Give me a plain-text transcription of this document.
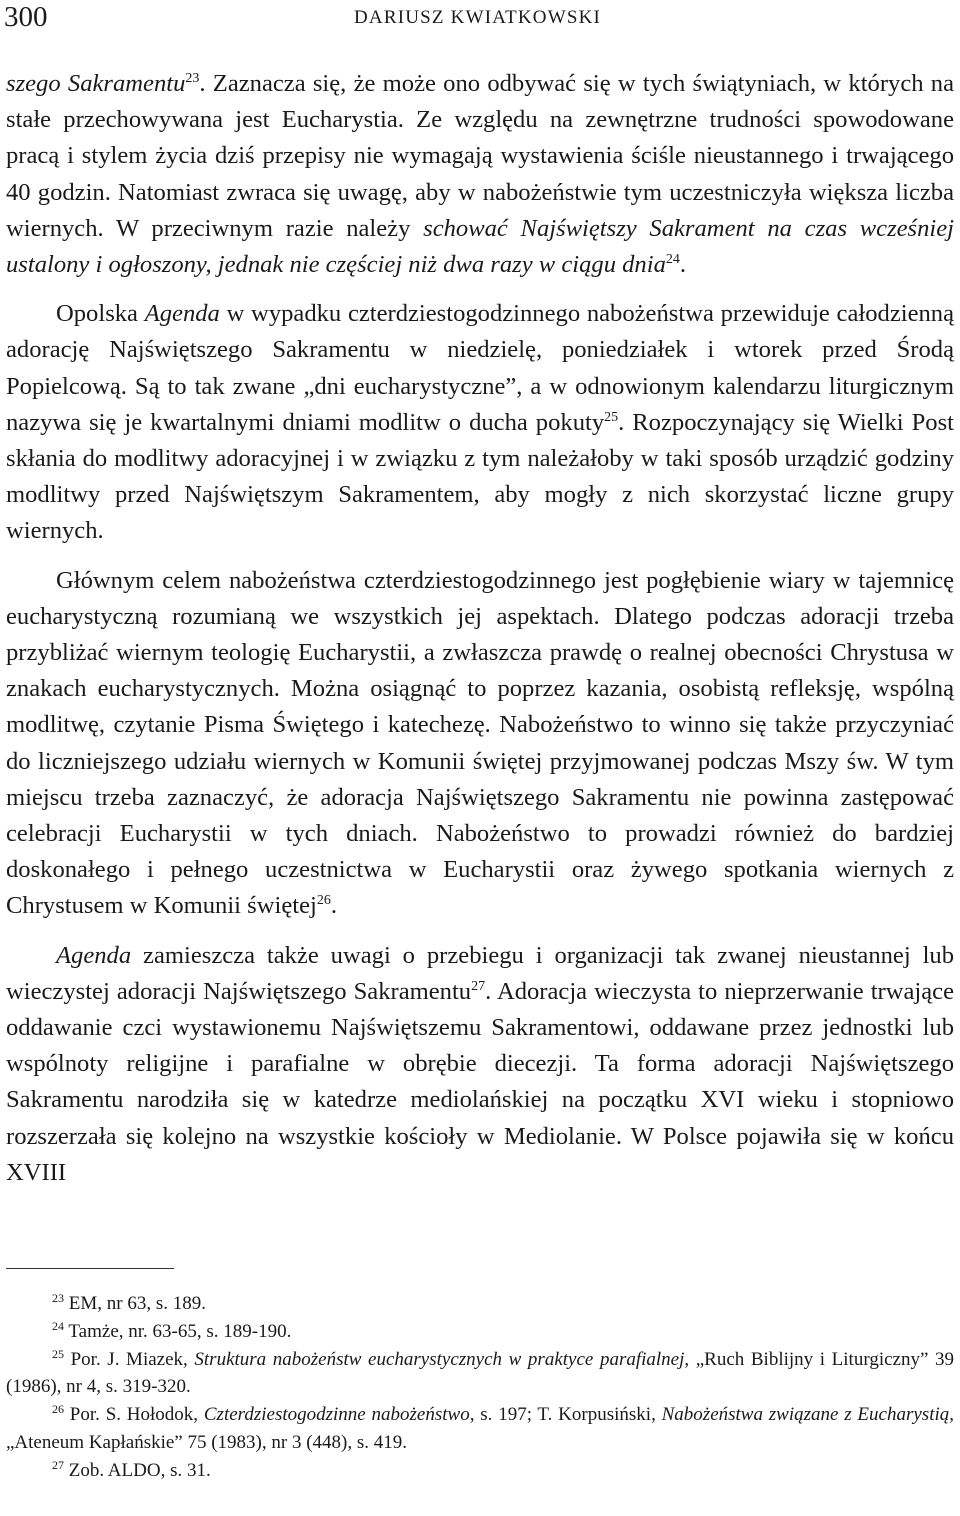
300	DARIUSZ KWIATKOWSKI

szego Sakramentu$^{23}$. Zaznacza się, że może ono odbywać się w tych świątyniach, w których na stałe przechowywana jest Eucharystia. Ze względu na zewnętrzne trudności spowodowane pracą i stylem życia dziś przepisy nie wymagają wystawienia ściśle nieustannego i trwającego 40 godzin. Natomiast zwraca się uwagę, aby w nabożeństwie tym uczestniczyła większa liczba wiernych. W przeciwnym razie należy schować Najświętszy Sakrament na czas wcześniej ustalony i ogłoszony, jednak nie częściej niż dwa razy w ciągu dnia$^{24}$.

Opolska Agenda w wypadku czterdziestogodzinnego nabożeństwa przewiduje całodzienną adorację Najświętszego Sakramentu w niedzielę, poniedziałek i wtorek przed Środą Popielcową. Są to tak zwane „dni eucharystyczne”, a w odnowionym kalendarzu liturgicznym nazywa się je kwartalnymi dniami modlitw o ducha pokuty$^{25}$. Rozpoczynający się Wielki Post skłania do modlitwy adoracyjnej i w związku z tym należałoby w taki sposób urządzić godziny modlitwy przed Najświętszym Sakramentem, aby mogły z nich skorzystać liczne grupy wiernych.

Głównym celem nabożeństwa czterdziestogodzinnego jest pogłębienie wiary w tajemnicę eucharystyczną rozumianą we wszystkich jej aspektach. Dlatego podczas adoracji trzeba przybliżać wiernym teologię Eucharystii, a zwłaszcza prawdę o realnej obecności Chrystusa w znakach eucharystycznych. Można osiągnąć to poprzez kazania, osobistą refleksję, wspólną modlitwę, czytanie Pisma Świętego i katechezę. Nabożeństwo to winno się także przyczyniać do liczniejszego udziału wiernych w Komunii świętej przyjmowanej podczas Mszy św. W tym miejscu trzeba zaznaczyć, że adoracja Najświętszego Sakramentu nie powinna zastępować celebracji Eucharystii w tych dniach. Nabożeństwo to prowadzi również do bardziej doskonałego i pełnego uczestnictwa w Eucharystii oraz żywego spotkania wiernych z Chrystusem w Komunii świętej$^{26}$.

Agenda zamieszcza także uwagi o przebiegu i organizacji tak zwanej nieustannej lub wieczystej adoracji Najświętszego Sakramentu$^{27}$. Adoracja wieczysta to nieprzerwanie trwające oddawanie czci wystawionemu Najświętszemu Sakramentowi, oddawane przez jednostki lub wspólnoty religijne i parafialne w obrębie diecezji. Ta forma adoracji Najświętszego Sakramentu narodziła się w katedrze mediolańskiej na początku XVI wieku i stopniowo rozszerzała się kolejno na wszystkie kościoły w Mediolanie. W Polsce pojawiła się w końcu XVIII

$^{23}$ EM, nr 63, s. 189.

$^{24}$ Tamże, nr. 63-65, s. 189-190.

$^{25}$ Por. J. Miazek, Struktura nabożeństw eucharystycznych w praktyce parafialnej, „Ruch Biblijny i Liturgiczny” 39 (1986), nr 4, s. 319-320.

$^{26}$ Por. S. Hołodok, Czterdziestogodzinne nabożeństwo, s. 197; T. Korpusiński, Nabożeństwa związane z Eucharystią, „Ateneum Kapłańskie” 75 (1983), nr 3 (448), s. 419.

$^{27}$ Zob. ALDO, s. 31.
